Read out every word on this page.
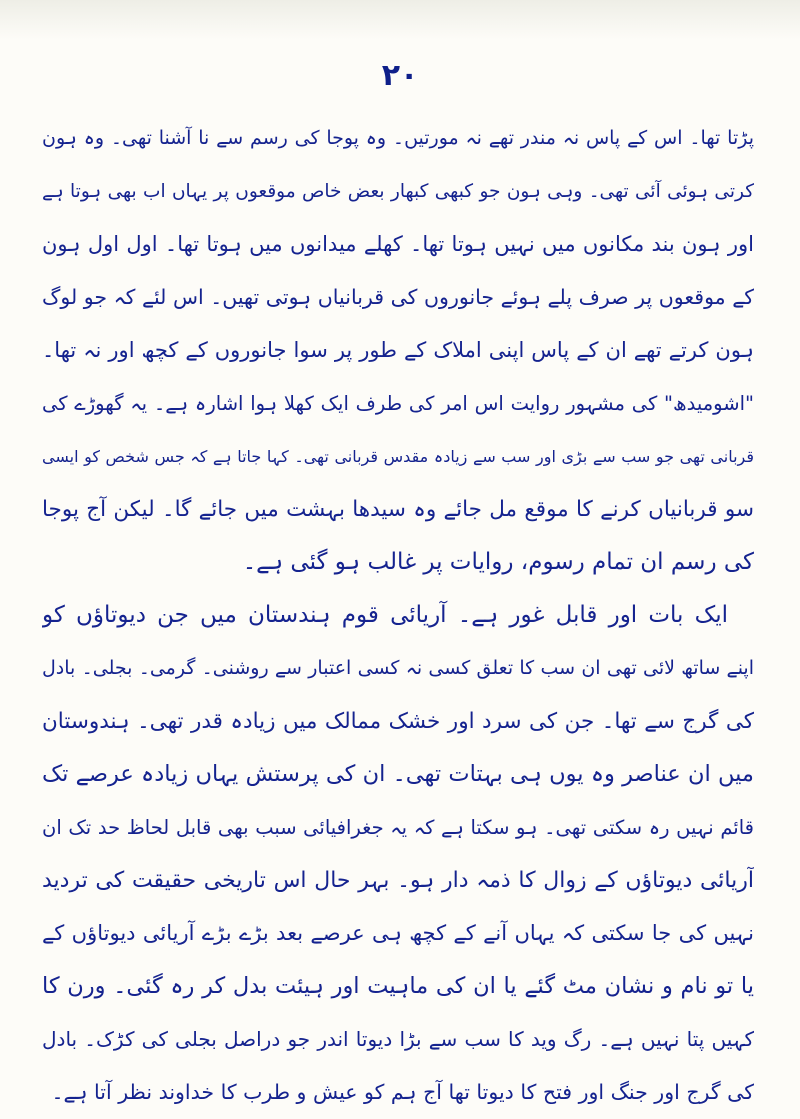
۲۰
پڑتا تھا۔ اس کے پاس نہ مندر تھے نہ مورتیں۔ وہ پوجا کی رسم سے نا آشنا تھی۔ وہ ہون
کرتی ہوئی آئی تھی۔ وہی ہون جو کبھی کبھار بعض خاص موقعوں پر یہاں اب بھی ہوتا ہے
اور ہون بند مکانوں میں نہیں ہوتا تھا۔ کھلے میدانوں میں ہوتا تھا۔ اول اول ہون
کے موقعوں پر صرف پلے ہوئے جانوروں کی قربانیاں ہوتی تھیں۔ اس لئے کہ جو لوگ
ہون کرتے تھے ان کے پاس اپنی املاک کے طور پر سوا جانوروں کے کچھ اور نہ تھا۔
"اشومیدھ" کی مشہور روایت اس امر کی طرف ایک کھلا ہوا اشارہ ہے۔ یہ گھوڑے کی
قربانی تھی جو سب سے بڑی اور سب سے زیادہ مقدس قربانی تھی۔ کہا جاتا ہے کہ جس شخص کو ایسی
سو قربانیاں کرنے کا موقع مل جائے وہ سیدھا بہشت میں جائے گا۔ لیکن آج پوجا
کی رسم ان تمام رسوم، روایات پر غالب ہو گئی ہے۔
ایک بات اور قابل غور ہے۔ آریائی قوم ہندستان میں جن دیوتاؤں کو
اپنے ساتھ لائی تھی ان سب کا تعلق کسی نہ کسی اعتبار سے روشنی۔ گرمی۔ بجلی۔ بادل
کی گرج سے تھا۔ جن کی سرد اور خشک ممالک میں زیادہ قدر تھی۔ ہندوستان
میں ان عناصر وہ یوں ہی بہتات تھی۔ ان کی پرستش یہاں زیادہ عرصے تک
قائم نہیں رہ سکتی تھی۔ ہو سکتا ہے کہ یہ جغرافیائی سبب بھی قابل لحاظ حد تک ان
آریائی دیوتاؤں کے زوال کا ذمہ دار ہو۔ بہر حال اس تاریخی حقیقت کی تردید
نہیں کی جا سکتی کہ یہاں آنے کے کچھ ہی عرصے بعد بڑے بڑے آریائی دیوتاؤں کے
یا تو نام و نشان مٹ گئے یا ان کی ماہیت اور ہیئت بدل کر رہ گئی۔ ورن کا
کہیں پتا نہیں ہے۔ رگ وید کا سب سے بڑا دیوتا اندر جو دراصل بجلی کی کڑک۔ بادل
کی گرج اور جنگ اور فتح کا دیوتا تھا آج ہم کو عیش و طرب کا خداوند نظر آتا ہے۔
